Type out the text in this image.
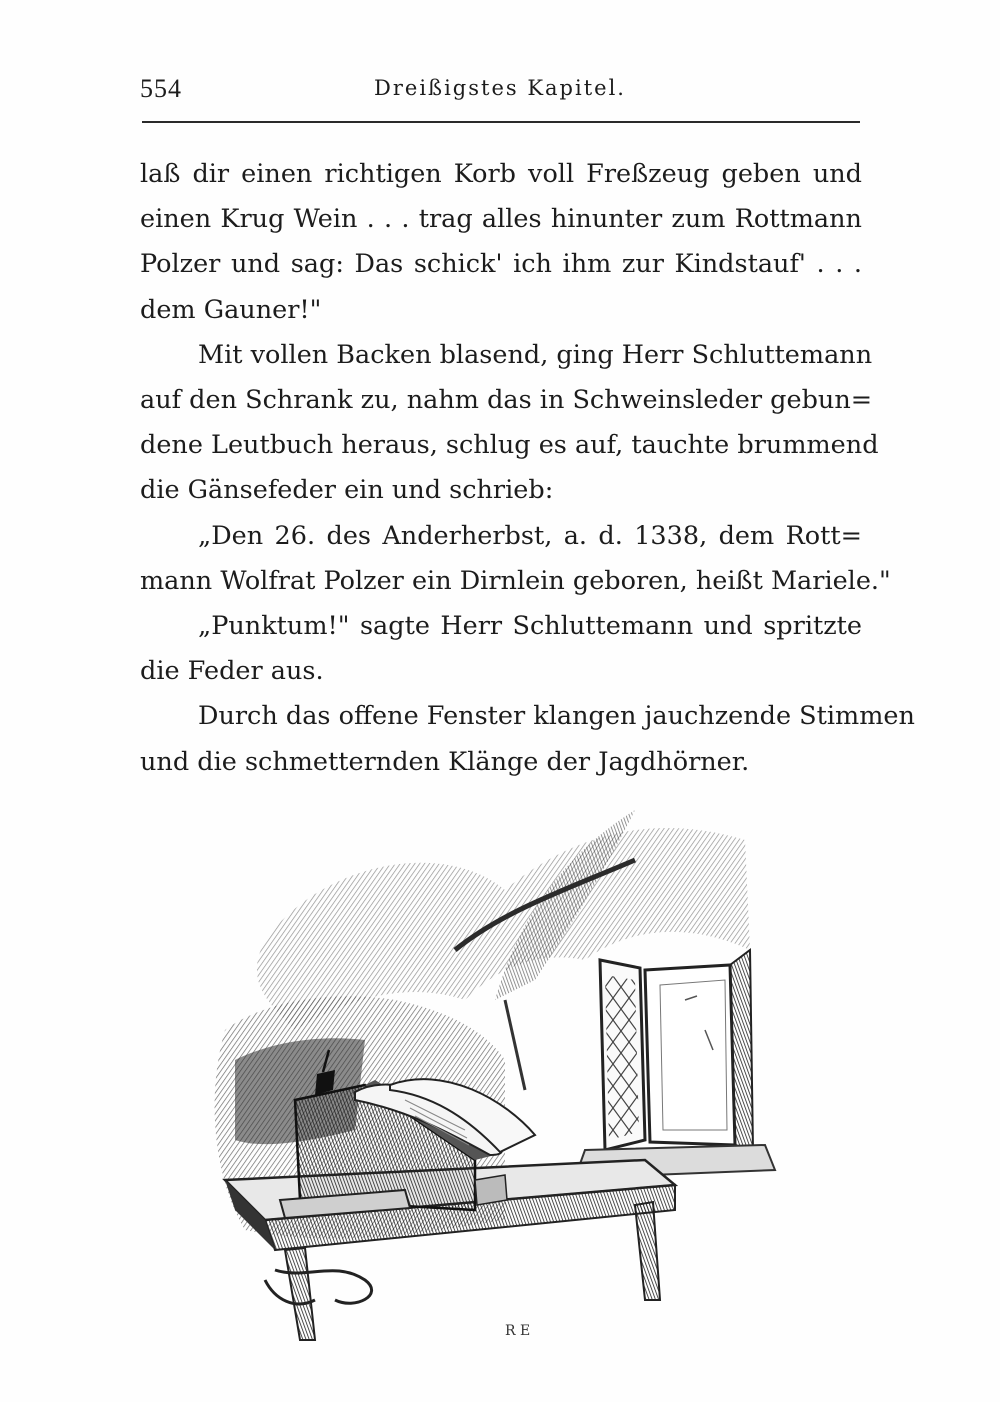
554	Dreißigstes Kapitel.
laß dir einen richtigen Korb voll Freßzeug geben und
einen Krug Wein . . . trag alles hinunter zum Rottmann
Polzer und sag: Das schick' ich ihm zur Kindstauf' . . .
dem Gauner!"
Mit vollen Backen blasend, ging Herr Schluttemann
auf den Schrank zu, nahm das in Schweinsleder gebun=
dene Leutbuch heraus, schlug es auf, tauchte brummend
die Gänsefeder ein und schrieb:
„Den 26. des Anderherbst, a. d. 1338, dem Rott=
mann Wolfrat Polzer ein Dirnlein geboren, heißt Mariele."
„Punktum!" sagte Herr Schluttemann und spritzte
die Feder aus.
Durch das offene Fenster klangen jauchzende Stimmen
und die schmetternden Klänge der Jagdhörner.
R E
